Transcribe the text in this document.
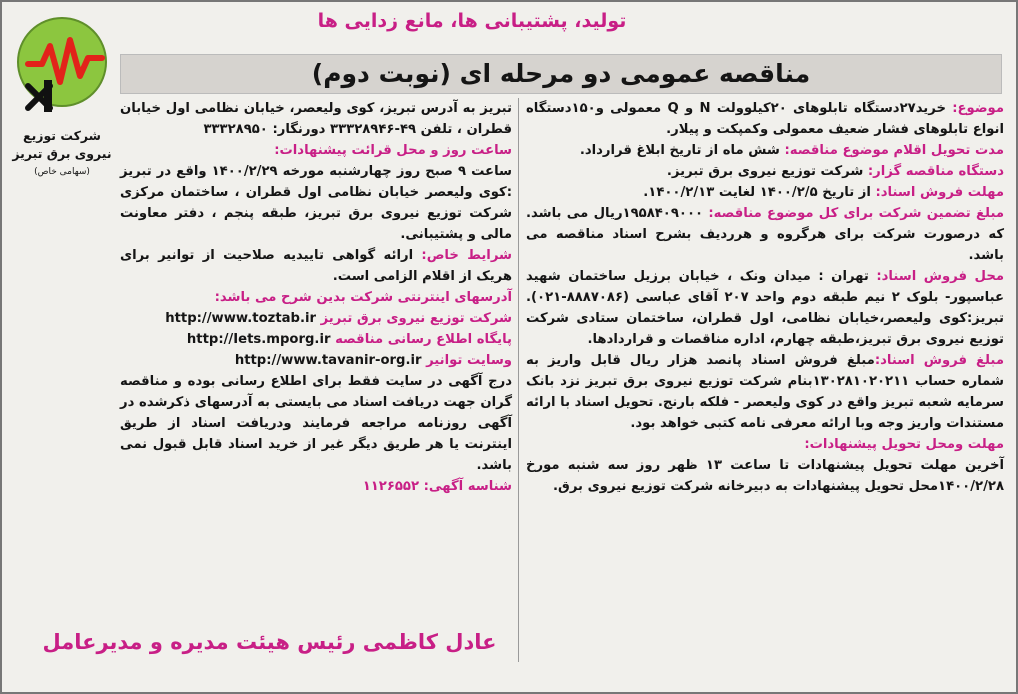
تولید، پشتیبانی ها، مانع زدایی ها
شرکت توزیع
نیروی برق تبریز
(سهامی خاص)
مناقصه عمومی دو مرحله ای (نوبت دوم)

موضوع: خرید۲۷دستگاه تابلوهای ۲۰کیلوولت N و Q معمولی و۱۵۰دستگاه انواع تابلوهای فشار ضعیف معمولی وکمپکت و پیلار.

مدت تحویل اقلام موضوع مناقصه: شش ماه از تاریخ ابلاغ قرارداد.

دستگاه مناقصه گزار: شرکت توزیع نیروی برق تبریز.

مهلت فروش اسناد: از تاریخ ۱۴۰۰/۲/۵ لغایت ۱۴۰۰/۲/۱۳.

مبلغ تضمین شرکت برای کل موضوع مناقصه: ۱۹۵۸۴۰۹۰۰۰ریال می باشد. که درصورت شرکت برای هرگروه و هرردیف بشرح اسناد مناقصه می باشد.

محل فروش اسناد: تهران : میدان ونک ، خیابان برزیل ساختمان شهید عباسپور- بلوک ۲ نیم طبقه دوم واحد ۲۰۷ آقای عباسی (۸۸۸۷۰۸۶-۰۲۱). تبریز:کوی ولیعصر،خیابان نظامی، اول قطران، ساختمان ستادی شرکت توزیع نیروی برق تبریز،طبقه چهارم، اداره مناقصات و قراردادها.

مبلغ فروش اسناد:مبلغ فروش اسناد پانصد هزار ریال قابل واریز به شماره حساب ۱۳۰۲۸۱۰۲۰۲۱۱بنام شرکت توزیع نیروی برق تبریز نزد بانک سرمایه شعبه تبریز واقع در کوی ولیعصر - فلکه بارنج. تحویل اسناد با ارائه مستندات واریز وجه وبا ارائه معرفی نامه کتبی خواهد بود.

مهلت ومحل تحویل پیشنهادات:

آخرین مهلت تحویل پیشنهادات تا ساعت ۱۳ ظهر روز سه شنبه مورخ ۱۴۰۰/۲/۲۸محل تحویل پیشنهادات به دبیرخانه شرکت توزیع نیروی برق.

تبریز به آدرس تبریز، کوی ولیعصر، خیابان نظامی اول خیابان قطران ، تلفن ۴۹-۳۳۳۲۸۹۴۶ دورنگار: ۳۳۳۲۸۹۵۰

ساعت روز و محل قرائت پیشنهادات:

ساعت ۹ صبح روز چهارشنبه مورخه ۱۴۰۰/۲/۲۹ واقع در تبریز :کوی ولیعصر خیابان نظامی اول قطران ، ساختمان مرکزی شرکت توزیع نیروی برق تبریز، طبقه پنجم ، دفتر معاونت مالی و پشتیبانی.

شرایط خاص: ارائه گواهی تاییدیه صلاحیت از توانیر برای هریک از اقلام الزامی است.

آدرسهای اینترنتی شرکت بدین شرح می باشد:

شرکت توزیع نیروی برق تبریز http://www.toztab.ir

پایگاه اطلاع رسانی مناقصه http://Iets.mporg.ir

وسایت توانیر http://www.tavanir-org.ir

درج آگهی در سایت فقط برای اطلاع رسانی بوده و مناقصه گران جهت دریافت اسناد می بایستی به آدرسهای ذکرشده در آگهی روزنامه مراجعه فرمایند ودریافت اسناد از طریق اینترنت یا هر طریق دیگر غیر از خرید اسناد قابل قبول نمی باشد.

شناسه آگهی: ۱۱۲۶۵۵۲

عادل کاظمی رئیس هیئت مدیره و مدیرعامل
